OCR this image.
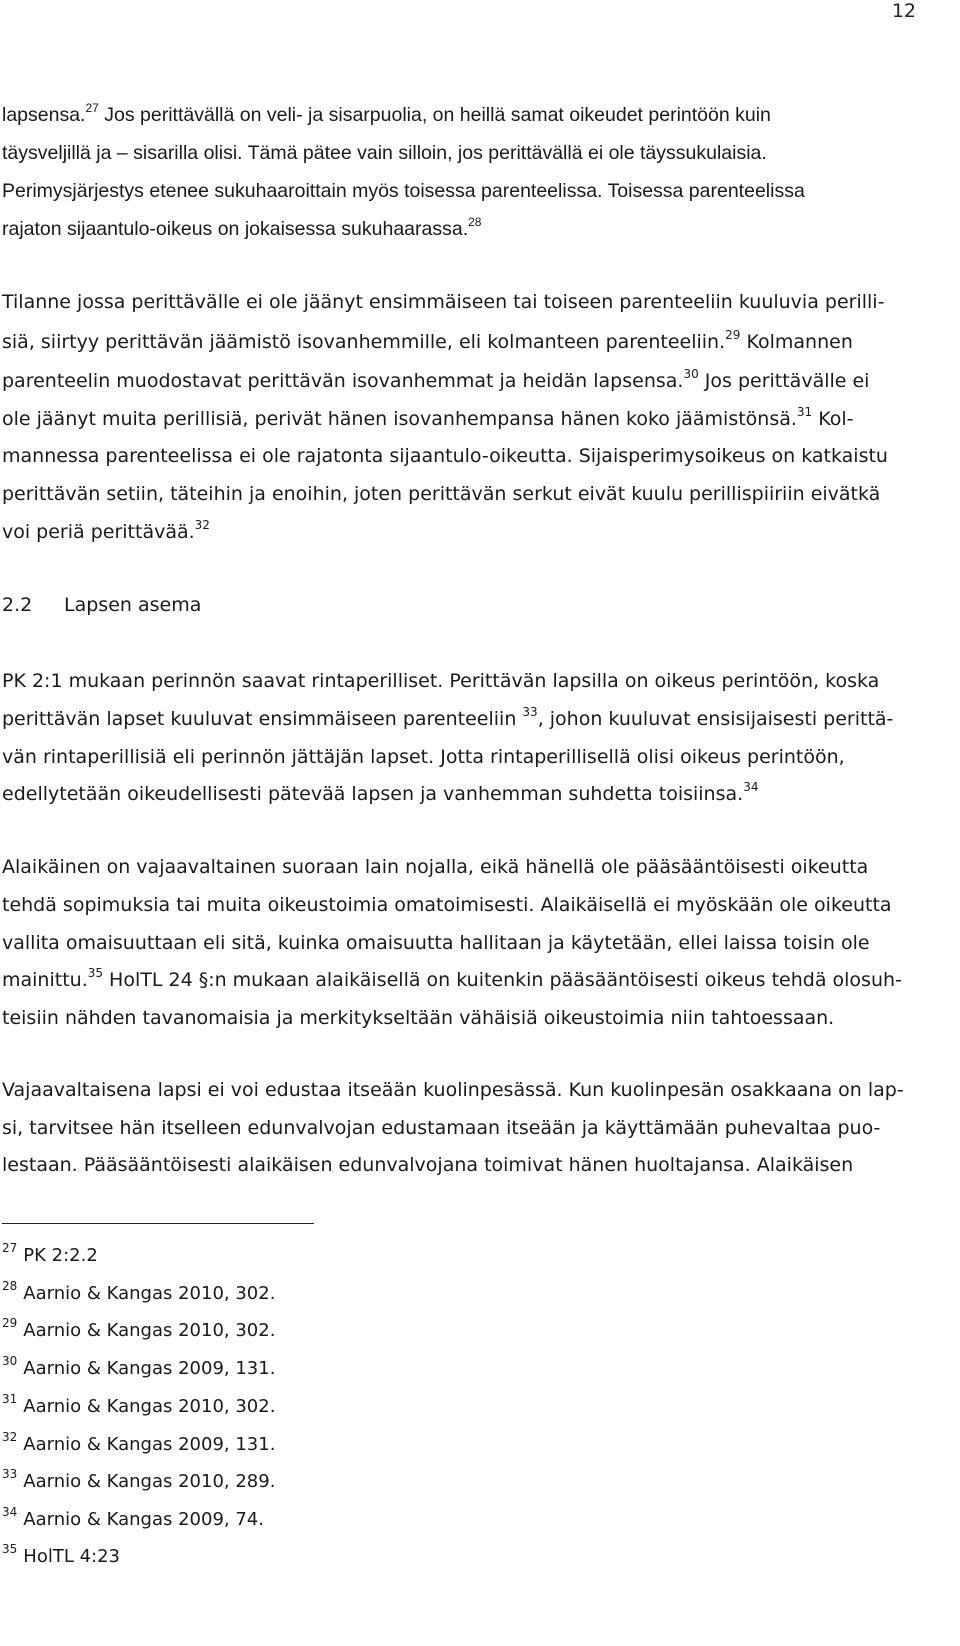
12
lapsensa.$^{27}$ Jos perittävällä on veli- ja sisarpuolia, on heillä samat oikeudet perintöön kuin
täysveljillä ja – sisarilla olisi. Tämä pätee vain silloin, jos perittävällä ei ole täyssukulaisia.
Perimysjärjestys etenee sukuhaaroittain myös toisessa parenteelissa. Toisessa parenteelissa
rajaton sijaantulo-oikeus on jokaisessa sukuhaarassa.$^{28}$
Tilanne jossa perittävälle ei ole jäänyt ensimmäiseen tai toiseen parenteeliin kuuluvia perilli-
siä, siirtyy perittävän jäämistö isovanhemmille, eli kolmanteen parenteeliin.$^{29}$ Kolmannen
parenteelin muodostavat perittävän isovanhemmat ja heidän lapsensa.$^{30}$ Jos perittävälle ei
ole jäänyt muita perillisiä, perivät hänen isovanhempansa hänen koko jäämistönsä.$^{31}$ Kol-
mannessa parenteelissa ei ole rajatonta sijaantulo-oikeutta. Sijaisperimysoikeus on katkaistu
perittävän setiin, täteihin ja enoihin, joten perittävän serkut eivät kuulu perillispiiriin eivätkä
voi periä perittävää.$^{32}$
2.2 Lapsen asema
PK 2:1 mukaan perinnön saavat rintaperilliset. Perittävän lapsilla on oikeus perintöön, koska
perittävän lapset kuuluvat ensimmäiseen parenteeliin $^{33}$, johon kuuluvat ensisijaisesti perittä-
vän rintaperillisiä eli perinnön jättäjän lapset. Jotta rintaperillisellä olisi oikeus perintöön,
edellytetään oikeudellisesti pätevää lapsen ja vanhemman suhdetta toisiinsa.$^{34}$
Alaikäinen on vajaavaltainen suoraan lain nojalla, eikä hänellä ole pääsääntöisesti oikeutta
tehdä sopimuksia tai muita oikeustoimia omatoimisesti. Alaikäisellä ei myöskään ole oikeutta
vallita omaisuuttaan eli sitä, kuinka omaisuutta hallitaan ja käytetään, ellei laissa toisin ole
mainittu.$^{35}$ HolTL 24 §:n mukaan alaikäisellä on kuitenkin pääsääntöisesti oikeus tehdä olosuh-
teisiin nähden tavanomaisia ja merkitykseltään vähäisiä oikeustoimia niin tahtoessaan.
Vajaavaltaisena lapsi ei voi edustaa itseään kuolinpesässä. Kun kuolinpesän osakkaana on lap-
si, tarvitsee hän itselleen edunvalvojan edustamaan itseään ja käyttämään puhevaltaa puo-
lestaan. Pääsääntöisesti alaikäisen edunvalvojana toimivat hänen huoltajansa. Alaikäisen
$^{27}$ PK 2:2.2
$^{28}$ Aarnio & Kangas 2010, 302.
$^{29}$ Aarnio & Kangas 2010, 302.
$^{30}$ Aarnio & Kangas 2009, 131.
$^{31}$ Aarnio & Kangas 2010, 302.
$^{32}$ Aarnio & Kangas 2009, 131.
$^{33}$ Aarnio & Kangas 2010, 289.
$^{34}$ Aarnio & Kangas 2009, 74.
$^{35}$ HolTL 4:23
